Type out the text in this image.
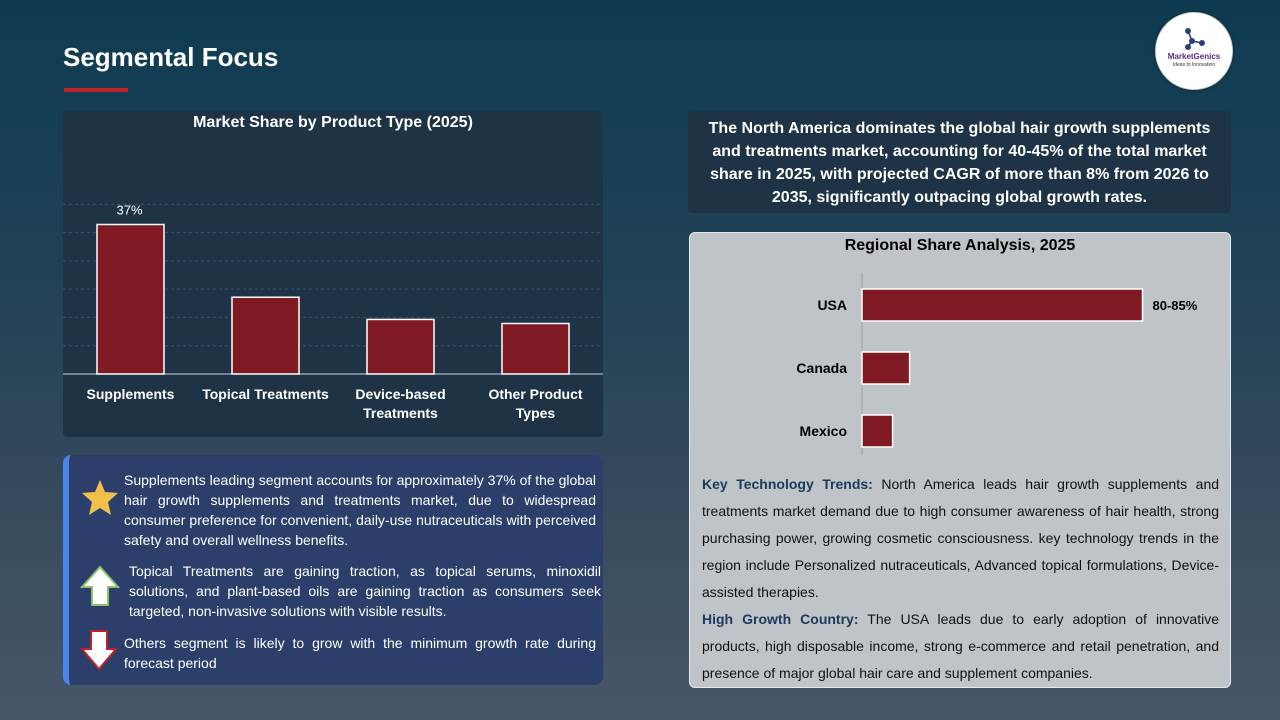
Segmental Focus	MarketGenics
Ideas to Innovation
37%
Supplements Topical Treatments Device-based
Treatments
Other Product
Types
Market Share by Product Type (2025)
Supplements leading segment accounts for approximately 37% of the global hair growth supplements and treatments market, due to widespread consumer preference for convenient, daily-use nutraceuticals with perceived safety and overall wellness benefits.
Topical Treatments are gaining traction, as topical serums, minoxidil solutions, and plant-based oils are gaining traction as consumers seek targeted, non-invasive solutions with visible results.
Others segment is likely to grow with the minimum growth rate during forecast period
The North America dominates the global hair growth supplements and treatments market, accounting for 40-45% of the total market share in 2025, with projected CAGR of more than 8% from 2026 to 2035, significantly outpacing global growth rates.
USA	80-85%
Canada
Mexico
Regional Share Analysis, 2025
Key Technology Trends: North America leads hair growth supplements and treatments market demand due to high consumer awareness of hair health, strong purchasing power, growing cosmetic consciousness. key technology trends in the region include Personalized nutraceuticals, Advanced topical formulations, Device-assisted therapies.
High Growth Country: The USA leads due to early adoption of innovative products, high disposable income, strong e-commerce and retail penetration, and presence of major global hair care and supplement companies.
